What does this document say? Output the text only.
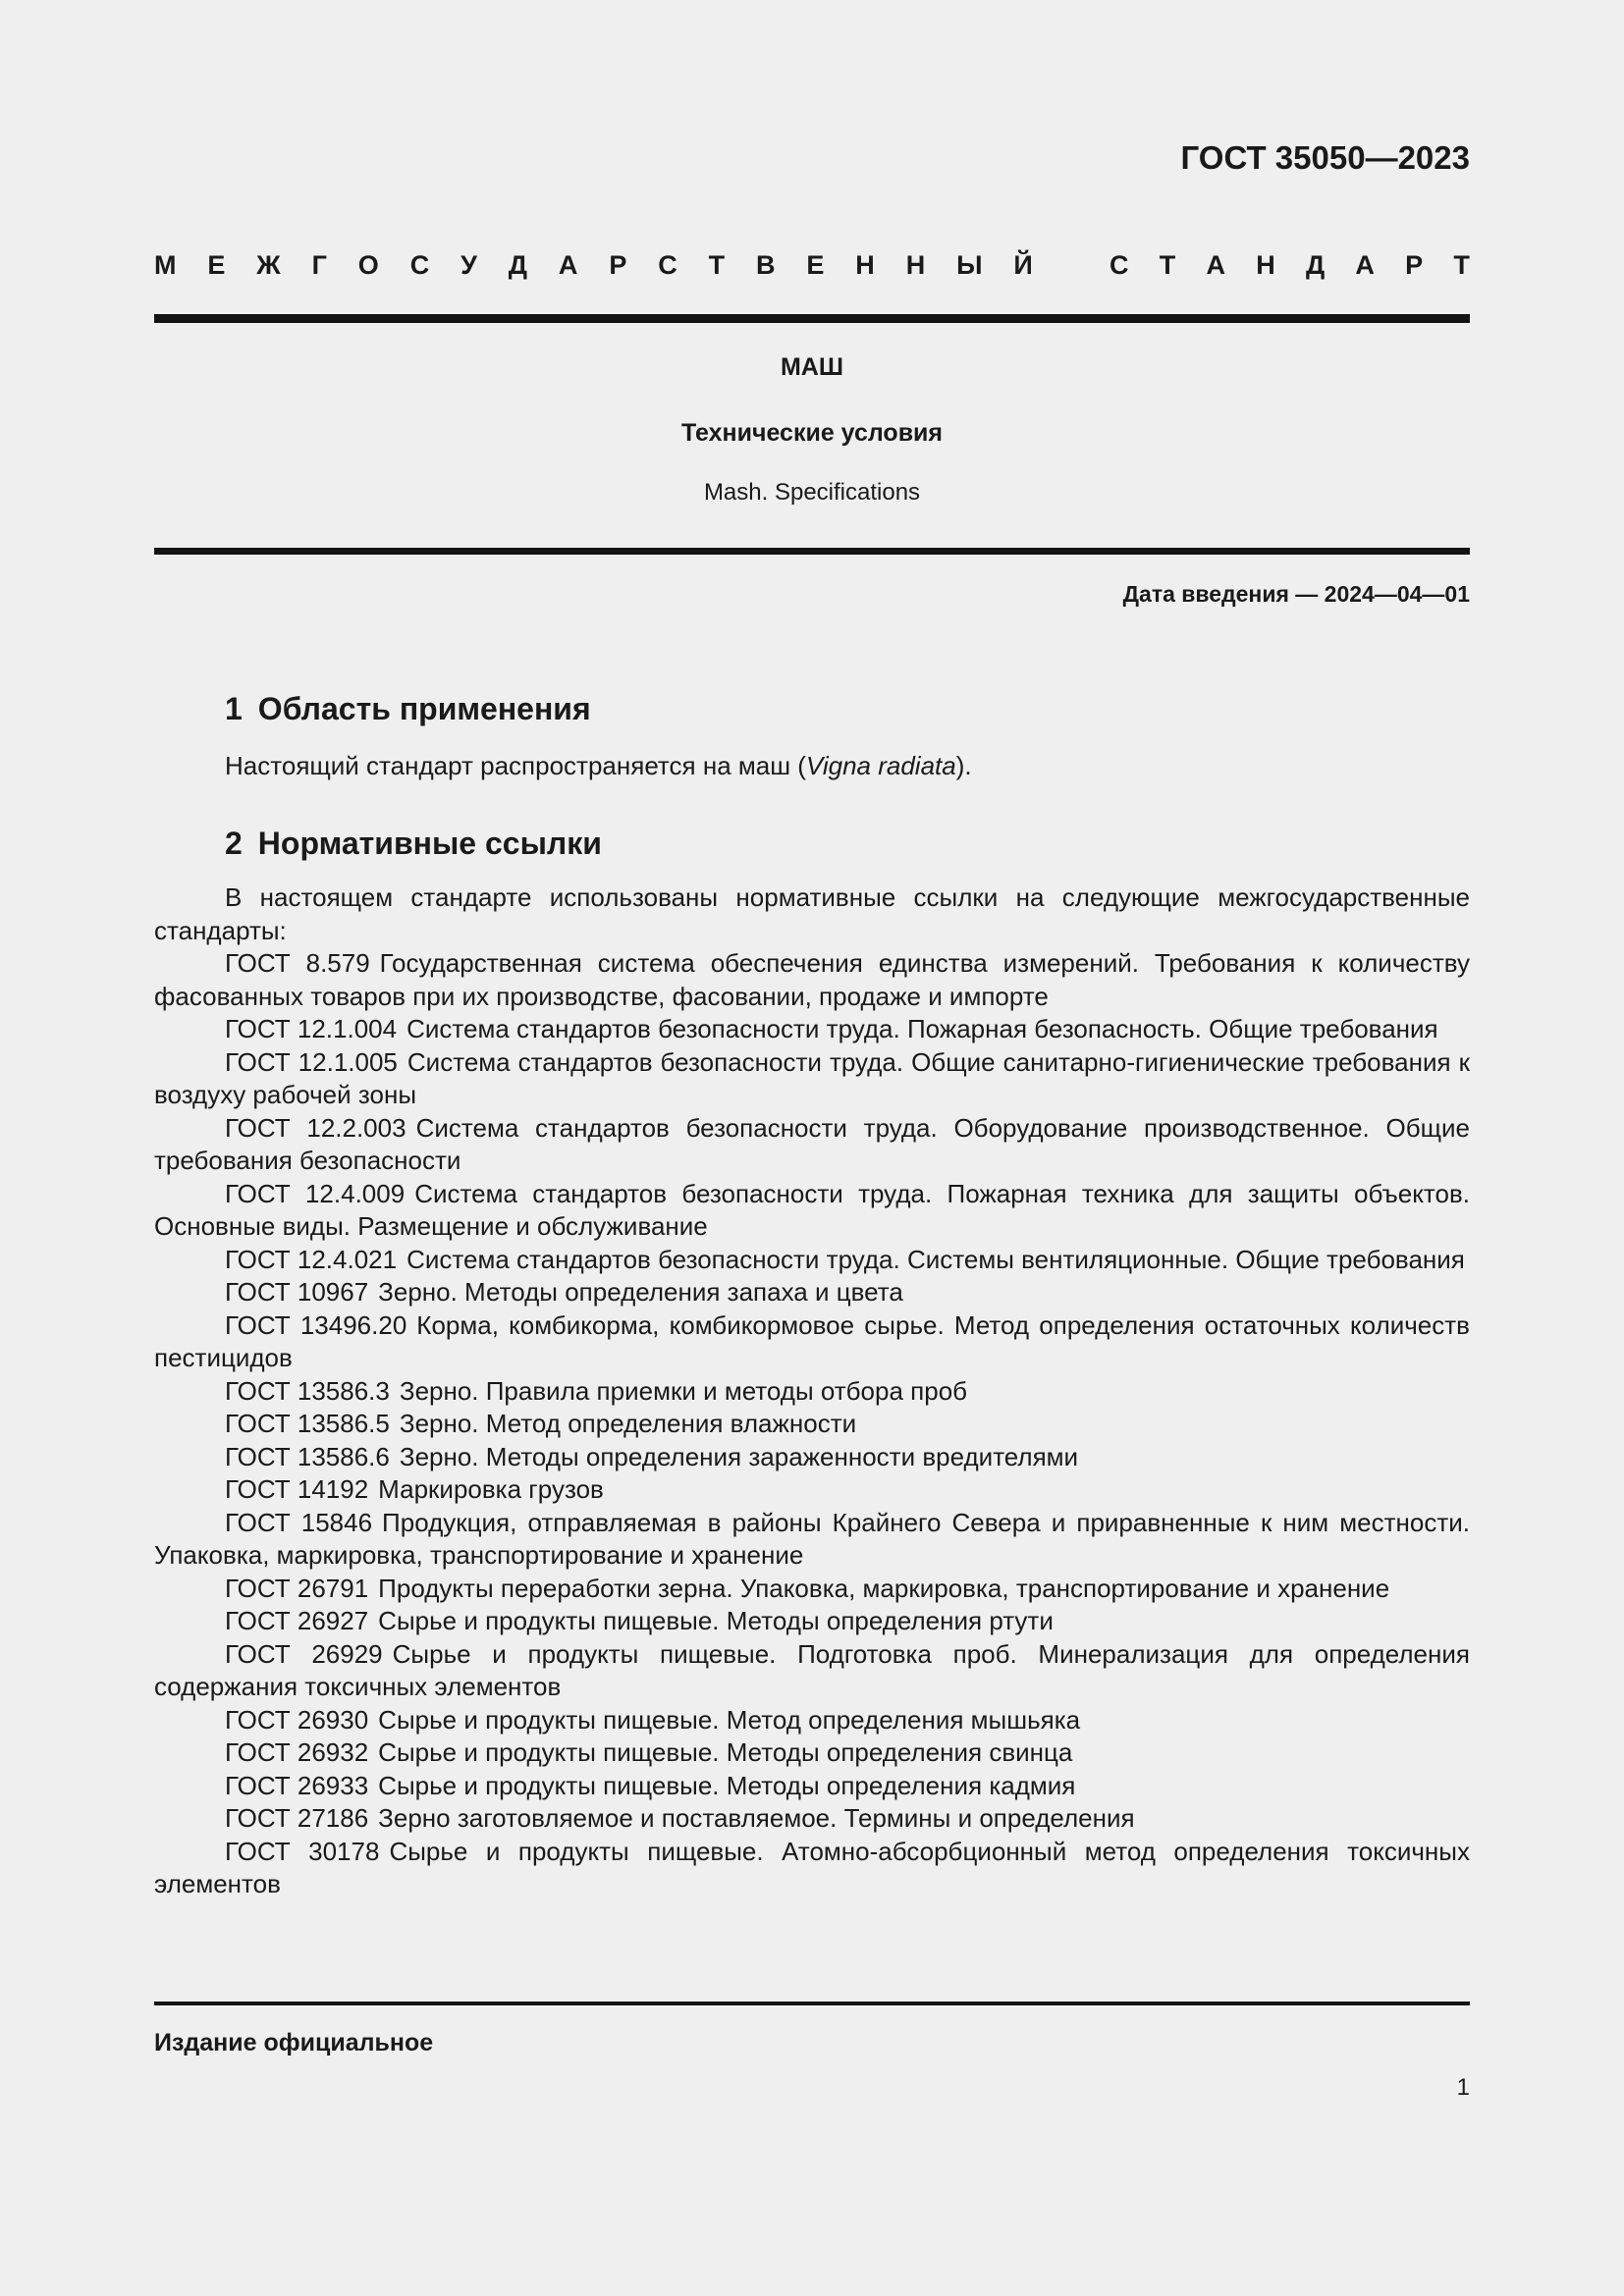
ГОСТ 35050—2023
М Е Ж Г О С У Д А Р С Т В Е Н Н Ы Й	С Т А Н Д А Р Т
МАШ
Технические условия
Mash. Specifications
Дата введения — 2024—04—01
1 Область применения
Настоящий стандарт распространяется на маш (Vigna radiata).
2 Нормативные ссылки

В настоящем стандарте использованы нормативные ссылки на следующие межгосударственные стандарты:

ГОСТ 8.579 Государственная система обеспечения единства измерений. Требования к количеству фасованных товаров при их производстве, фасовании, продаже и импорте

ГОСТ 12.1.004 Система стандартов безопасности труда. Пожарная безопасность. Общие требования

ГОСТ 12.1.005 Система стандартов безопасности труда. Общие санитарно-гигиенические требования к воздуху рабочей зоны

ГОСТ 12.2.003 Система стандартов безопасности труда. Оборудование производственное. Общие требования безопасности

ГОСТ 12.4.009 Система стандартов безопасности труда. Пожарная техника для защиты объектов. Основные виды. Размещение и обслуживание

ГОСТ 12.4.021 Система стандартов безопасности труда. Системы вентиляционные. Общие требования

ГОСТ 10967 Зерно. Методы определения запаха и цвета

ГОСТ 13496.20 Корма, комбикорма, комбикормовое сырье. Метод определения остаточных количеств пестицидов

ГОСТ 13586.3 Зерно. Правила приемки и методы отбора проб

ГОСТ 13586.5 Зерно. Метод определения влажности

ГОСТ 13586.6 Зерно. Методы определения зараженности вредителями

ГОСТ 14192 Маркировка грузов

ГОСТ 15846 Продукция, отправляемая в районы Крайнего Севера и приравненные к ним местности. Упаковка, маркировка, транспортирование и хранение

ГОСТ 26791 Продукты переработки зерна. Упаковка, маркировка, транспортирование и хранение

ГОСТ 26927 Сырье и продукты пищевые. Методы определения ртути

ГОСТ 26929 Сырье и продукты пищевые. Подготовка проб. Минерализация для определения содержания токсичных элементов

ГОСТ 26930 Сырье и продукты пищевые. Метод определения мышьяка

ГОСТ 26932 Сырье и продукты пищевые. Методы определения свинца

ГОСТ 26933 Сырье и продукты пищевые. Методы определения кадмия

ГОСТ 27186 Зерно заготовляемое и поставляемое. Термины и определения

ГОСТ 30178 Сырье и продукты пищевые. Атомно-абсорбционный метод определения токсичных элементов

Издание официальное
1
